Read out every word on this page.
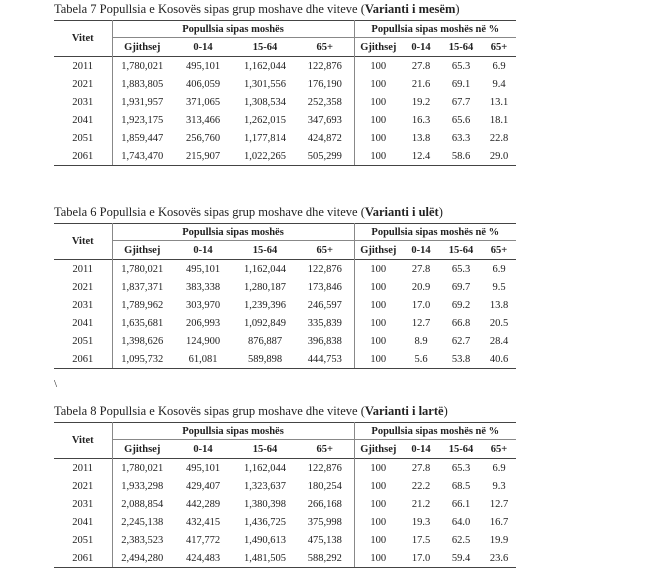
Tabela 7 Popullsia e Kosovës sipas grup moshave dhe viteve (Varianti i mesëm)

Vitet	Popullsia sipas moshës				Popullsia sipas moshës në %			
	Gjithsej	0-14	15-64	65+	Gjithsej	0-14	15-64	65+
2011	1,780,021	495,101	1,162,044	122,876	100	27.8	65.3	6.9
2021	1,883,805	406,059	1,301,556	176,190	100	21.6	69.1	9.4
2031	1,931,957	371,065	1,308,534	252,358	100	19.2	67.7	13.1
2041	1,923,175	313,466	1,262,015	347,693	100	16.3	65.6	18.1
2051	1,859,447	256,760	1,177,814	424,872	100	13.8	63.3	22.8
2061	1,743,470	215,907	1,022,265	505,299	100	12.4	58.6	29.0

Tabela 6 Popullsia e Kosovës sipas grup moshave dhe viteve (Varianti i ulët)

Vitet	Popullsia sipas moshës				Popullsia sipas moshës në %			
	Gjithsej	0-14	15-64	65+	Gjithsej	0-14	15-64	65+
2011	1,780,021	495,101	1,162,044	122,876	100	27.8	65.3	6.9
2021	1,837,371	383,338	1,280,187	173,846	100	20.9	69.7	9.5
2031	1,789,962	303,970	1,239,396	246,597	100	17.0	69.2	13.8
2041	1,635,681	206,993	1,092,849	335,839	100	12.7	66.8	20.5
2051	1,398,626	124,900	876,887	396,838	100	8.9	62.7	28.4
2061	1,095,732	61,081	589,898	444,753	100	5.6	53.8	40.6
\

Tabela 8 Popullsia e Kosovës sipas grup moshave dhe viteve (Varianti i lartë)

Vitet	Popullsia sipas moshës				Popullsia sipas moshës në %			
	Gjithsej	0-14	15-64	65+	Gjithsej	0-14	15-64	65+
2011	1,780,021	495,101	1,162,044	122,876	100	27.8	65.3	6.9
2021	1,933,298	429,407	1,323,637	180,254	100	22.2	68.5	9.3
2031	2,088,854	442,289	1,380,398	266,168	100	21.2	66.1	12.7
2041	2,245,138	432,415	1,436,725	375,998	100	19.3	64.0	16.7
2051	2,383,523	417,772	1,490,613	475,138	100	17.5	62.5	19.9
2061	2,494,280	424,483	1,481,505	588,292	100	17.0	59.4	23.6
